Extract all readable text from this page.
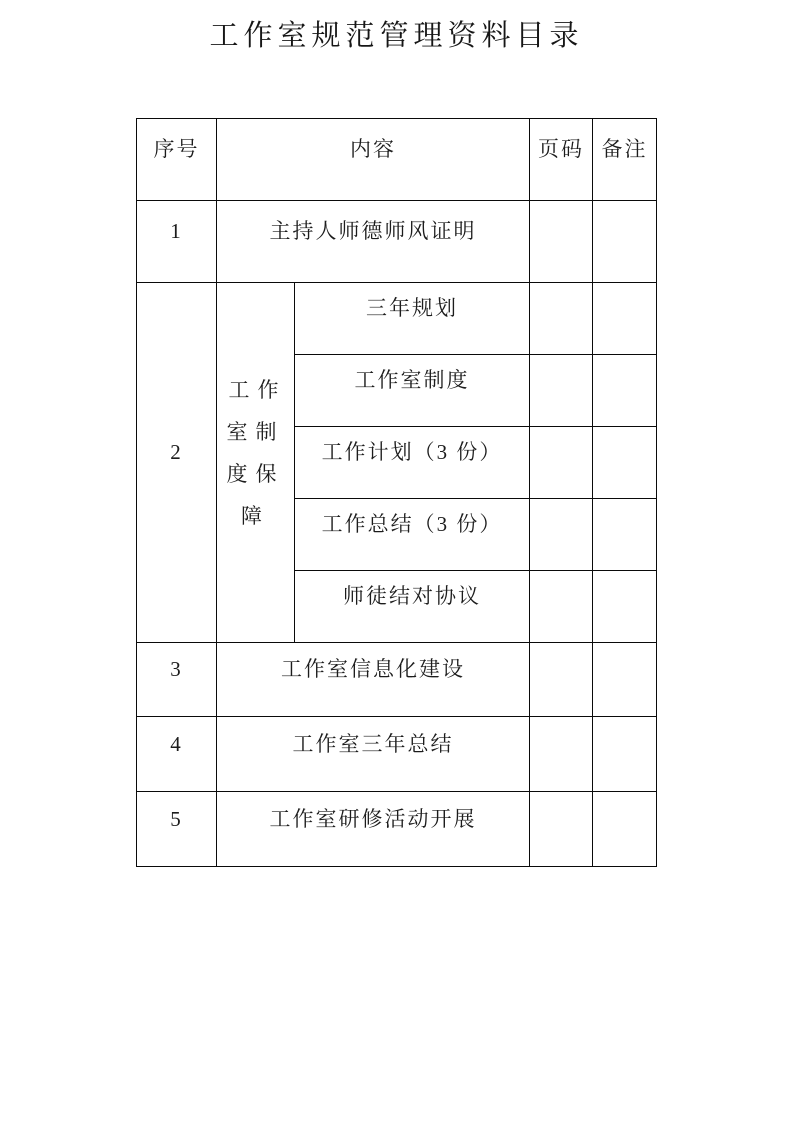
工作室规范管理资料目录
序号	内容		页码	备注
1	主持人师德师风证明			
2	工作室制度保障	三年规划		
		工作室制度		
		工作计划（3 份）		
		工作总结（3 份）		
		师徒结对协议		
3	工作室信息化建设			
4	工作室三年总结			
5	工作室研修活动开展			
